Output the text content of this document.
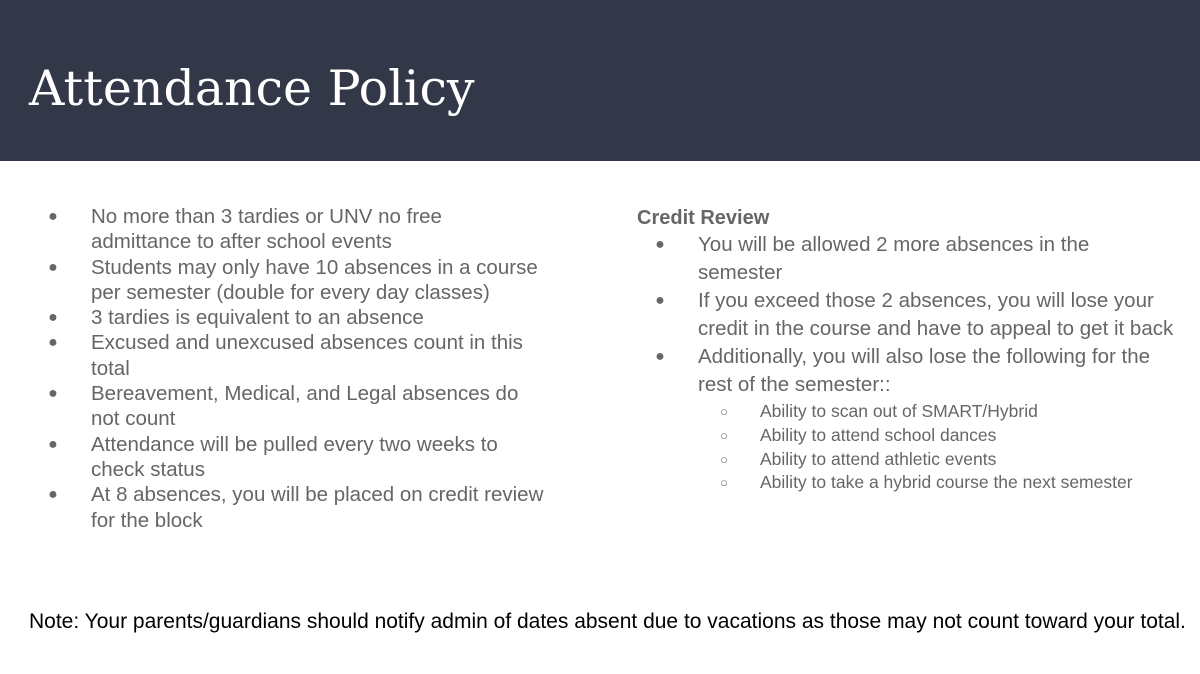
Attendance Policy
● No more than 3 tardies or UNV no free admittance to after school events
● Students may only have 10 absences in a course per semester (double for every day classes)
● 3 tardies is equivalent to an absence
● Excused and unexcused absences count in this total
● Bereavement, Medical, and Legal absences do not count
● Attendance will be pulled every two weeks to check status
● At 8 absences, you will be placed on credit review for the block
Credit Review
● You will be allowed 2 more absences in the semester
● If you exceed those 2 absences, you will lose your credit in the course and have to appeal to get it back
● Additionally, you will also lose the following for the rest of the semester::
○ Ability to scan out of SMART/Hybrid
○ Ability to attend school dances
○ Ability to attend athletic events
○ Ability to take a hybrid course the next semester

Note: Your parents/guardians should notify admin of dates absent due to vacations as those may not count toward your total.
